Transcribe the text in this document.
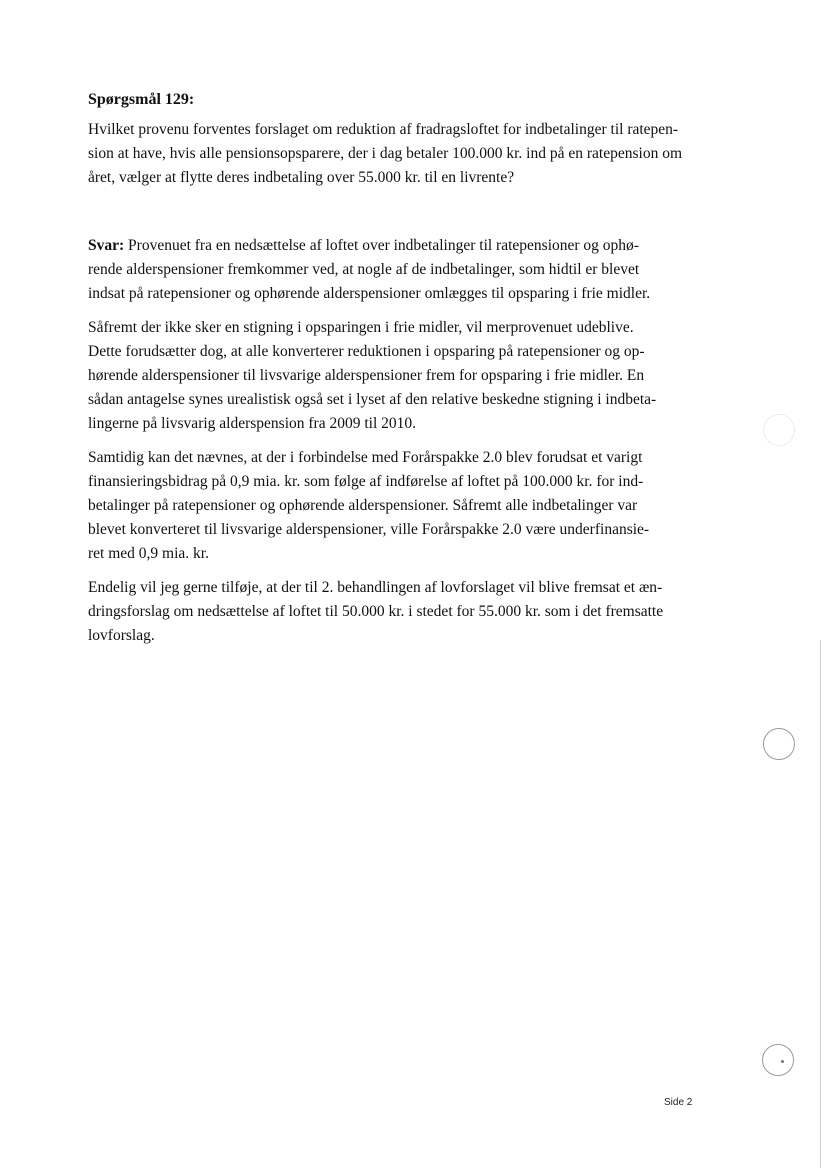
Spørgsmål 129:
Hvilket provenu forventes forslaget om reduktion af fradragsloftet for indbetalinger til ratepen-
sion at have, hvis alle pensionsopsparere, der i dag betaler 100.000 kr. ind på en ratepension om
året, vælger at flytte deres indbetaling over 55.000 kr. til en livrente?
Svar: Provenuet fra en nedsættelse af loftet over indbetalinger til ratepensioner og ophø-
rende alderspensioner fremkommer ved, at nogle af de indbetalinger, som hidtil er blevet
indsat på ratepensioner og ophørende alderspensioner omlægges til opsparing i frie midler.
Såfremt der ikke sker en stigning i opsparingen i frie midler, vil merprovenuet udeblive.
Dette forudsætter dog, at alle konverterer reduktionen i opsparing på ratepensioner og op-
hørende alderspensioner til livsvarige alderspensioner frem for opsparing i frie midler. En
sådan antagelse synes urealistisk også set i lyset af den relative beskedne stigning i indbeta-
lingerne på livsvarig alderspension fra 2009 til 2010.
Samtidig kan det nævnes, at der i forbindelse med Forårspakke 2.0 blev forudsat et varigt
finansieringsbidrag på 0,9 mia. kr. som følge af indførelse af loftet på 100.000 kr. for ind-
betalinger på ratepensioner og ophørende alderspensioner. Såfremt alle indbetalinger var
blevet konverteret til livsvarige alderspensioner, ville Forårspakke 2.0 være underfinansie-
ret med 0,9 mia. kr.
Endelig vil jeg gerne tilføje, at der til 2. behandlingen af lovforslaget vil blive fremsat et æn-
dringsforslag om nedsættelse af loftet til 50.000 kr. i stedet for 55.000 kr. som i det fremsatte
lovforslag.
Side 2
